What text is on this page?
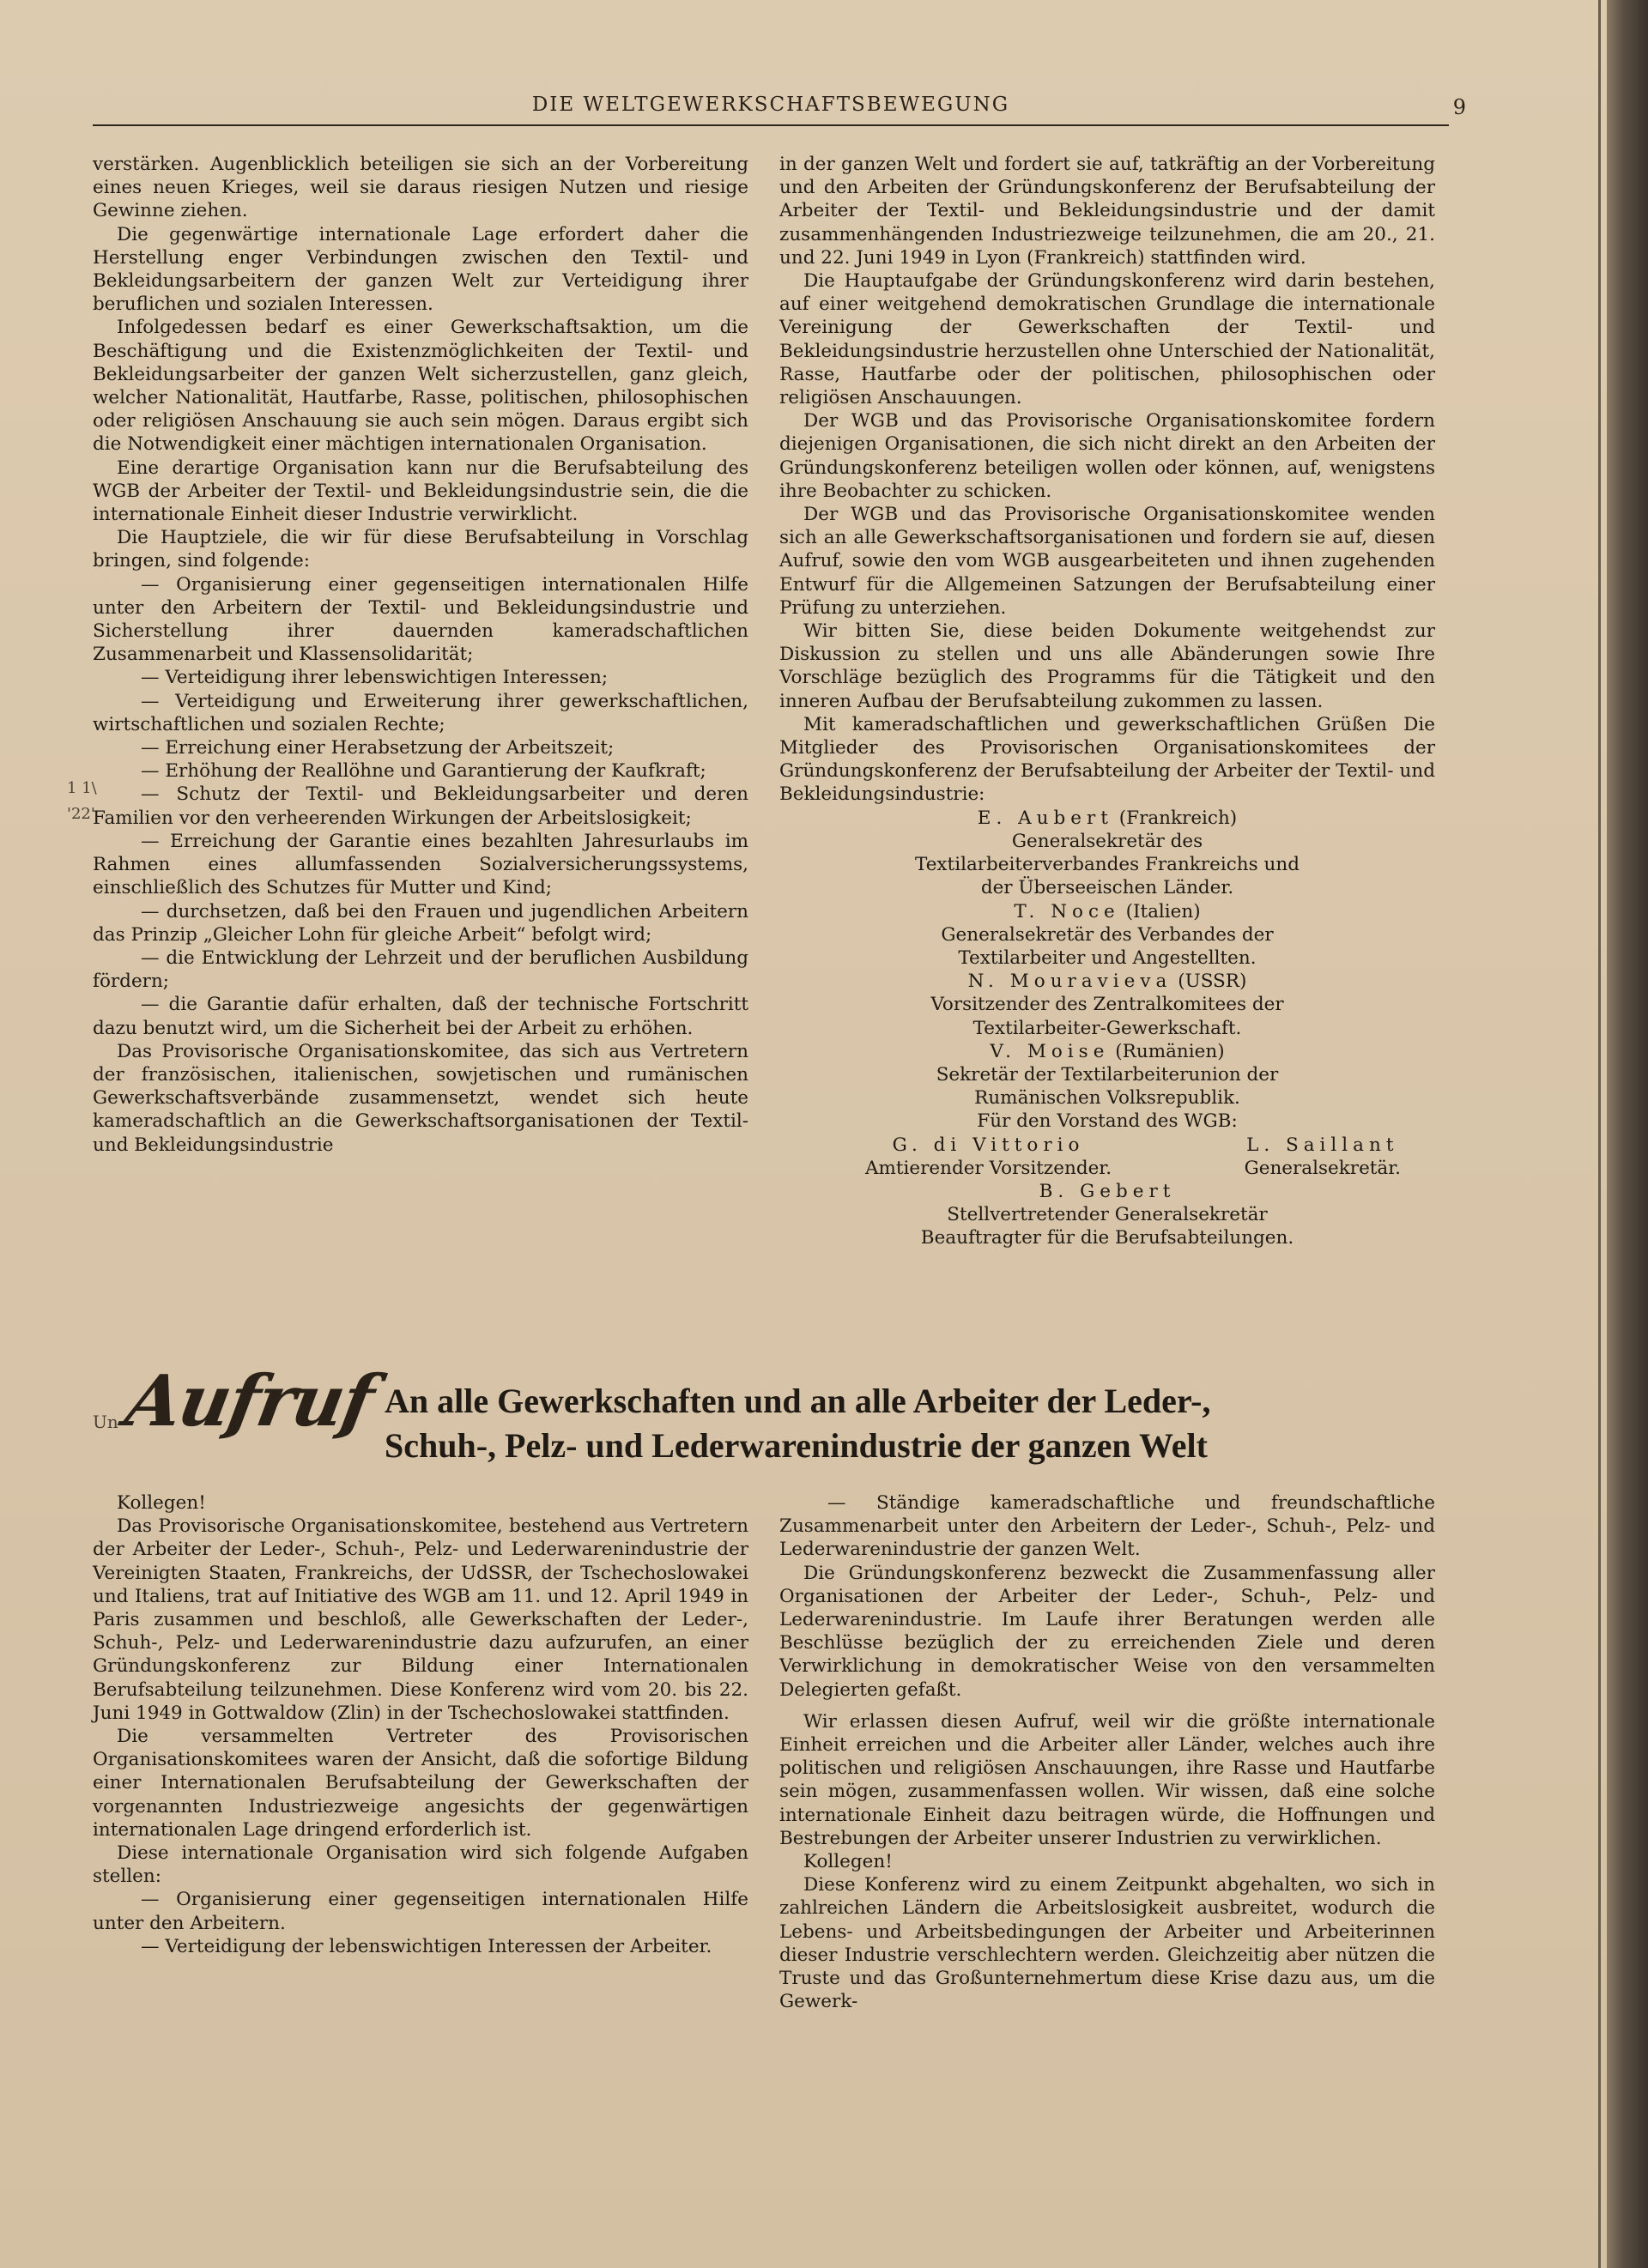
DIE WELTGEWERKSCHAFTSBEWEGUNG	9

verstärken. Augenblicklich beteiligen sie sich an der Vorbereitung eines neuen Krieges, weil sie daraus riesigen Nutzen und riesige Gewinne ziehen.

Die gegenwärtige internationale Lage erfordert daher die Herstellung enger Verbindungen zwischen den Textil- und Bekleidungsarbeitern der ganzen Welt zur Verteidigung ihrer beruflichen und sozialen Interessen.

Infolgedessen bedarf es einer Gewerkschaftsaktion, um die Beschäftigung und die Existenzmöglichkeiten der Textil- und Bekleidungsarbeiter der ganzen Welt sicherzustellen, ganz gleich, welcher Nationalität, Hautfarbe, Rasse, politischen, philosophischen oder religiösen Anschauung sie auch sein mögen. Daraus ergibt sich die Notwendigkeit einer mächtigen internationalen Organisation.

Eine derartige Organisation kann nur die Berufsabteilung des WGB der Arbeiter der Textil- und Bekleidungsindustrie sein, die die internationale Einheit dieser Industrie verwirklicht.

Die Hauptziele, die wir für diese Berufsabteilung in Vorschlag bringen, sind folgende:

— Organisierung einer gegenseitigen internationalen Hilfe unter den Arbeitern der Textil- und Bekleidungsindustrie und Sicherstellung ihrer dauernden kameradschaftlichen Zusammenarbeit und Klassensolidarität;

— Verteidigung ihrer lebenswichtigen Interessen;

— Verteidigung und Erweiterung ihrer gewerkschaftlichen, wirtschaftlichen und sozialen Rechte;

— Erreichung einer Herabsetzung der Arbeitszeit;

— Erhöhung der Reallöhne und Garantierung der Kaufkraft;

— Schutz der Textil- und Bekleidungsarbeiter und deren Familien vor den verheerenden Wirkungen der Arbeitslosigkeit;

— Erreichung der Garantie eines bezahlten Jahresurlaubs im Rahmen eines allumfassenden Sozialversicherungssystems, einschließlich des Schutzes für Mutter und Kind;

— durchsetzen, daß bei den Frauen und jugendlichen Arbeitern das Prinzip „Gleicher Lohn für gleiche Arbeit“ befolgt wird;

— die Entwicklung der Lehrzeit und der beruflichen Ausbildung fördern;

— die Garantie dafür erhalten, daß der technische Fortschritt dazu benutzt wird, um die Sicherheit bei der Arbeit zu erhöhen.

Das Provisorische Organisationskomitee, das sich aus Vertretern der französischen, italienischen, sowjetischen und rumänischen Gewerkschaftsverbände zusammensetzt, wendet sich heute kameradschaftlich an die Gewerkschaftsorganisationen der Textil- und Bekleidungsindustrie

1 1\
'22'

in der ganzen Welt und fordert sie auf, tatkräftig an der Vorbereitung und den Arbeiten der Gründungskonferenz der Berufsabteilung der Arbeiter der Textil- und Bekleidungsindustrie und der damit zusammenhängenden Industriezweige teilzunehmen, die am 20., 21. und 22. Juni 1949 in Lyon (Frankreich) stattfinden wird.

Die Hauptaufgabe der Gründungskonferenz wird darin bestehen, auf einer weitgehend demokratischen Grundlage die internationale Vereinigung der Gewerkschaften der Textil- und Bekleidungsindustrie herzustellen ohne Unterschied der Nationalität, Rasse, Hautfarbe oder der politischen, philosophischen oder religiösen Anschauungen.

Der WGB und das Provisorische Organisationskomitee fordern diejenigen Organisationen, die sich nicht direkt an den Arbeiten der Gründungskonferenz beteiligen wollen oder können, auf, wenigstens ihre Beobachter zu schicken.

Der WGB und das Provisorische Organisationskomitee wenden sich an alle Gewerkschaftsorganisationen und fordern sie auf, diesen Aufruf, sowie den vom WGB ausgearbeiteten und ihnen zugehenden Entwurf für die Allgemeinen Satzungen der Berufsabteilung einer Prüfung zu unterziehen.

Wir bitten Sie, diese beiden Dokumente weitgehendst zur Diskussion zu stellen und uns alle Abänderungen sowie Ihre Vorschläge bezüglich des Programms für die Tätigkeit und den inneren Aufbau der Berufsabteilung zukommen zu lassen.

Mit kameradschaftlichen und gewerkschaftlichen Grüßen Die Mitglieder des Provisorischen Organisationskomitees der Gründungskonferenz der Berufsabteilung der Arbeiter der Textil- und Bekleidungsindustrie:

E. Aubert (Frankreich)

Generalsekretär des Textilarbeiterverbandes Frankreichs und der Überseeischen Länder.

T. Noce (Italien)

Generalsekretär des Verbandes der Textilarbeiter und Angestellten.

N. Mouravieva (USSR)

Vorsitzender des Zentralkomitees der Textilarbeiter-Gewerkschaft.

V. Moise (Rumänien)

Sekretär der Textilarbeiterunion der Rumänischen Volksrepublik.

Für den Vorstand des WGB:

G. di Vittorio
Amtierender Vorsitzender.
L. Saillant
Generalsekretär.

B. Gebert

Stellvertretender Generalsekretär

Beauftragter für die Berufsabteilungen.

Un Aufruf An alle Gewerkschaften und an alle Arbeiter der Leder-,
Schuh-, Pelz- und Lederwarenindustrie der ganzen Welt

Kollegen!

Das Provisorische Organisationskomitee, bestehend aus Vertretern der Arbeiter der Leder-, Schuh-, Pelz- und Lederwarenindustrie der Vereinigten Staaten, Frankreichs, der UdSSR, der Tschechoslowakei und Italiens, trat auf Initiative des WGB am 11. und 12. April 1949 in Paris zusammen und beschloß, alle Gewerkschaften der Leder-, Schuh-, Pelz- und Lederwarenindustrie dazu aufzurufen, an einer Gründungskonferenz zur Bildung einer Internationalen Berufsabteilung teilzunehmen. Diese Konferenz wird vom 20. bis 22. Juni 1949 in Gottwaldow (Zlin) in der Tschechoslowakei stattfinden.

Die versammelten Vertreter des Provisorischen Organisationskomitees waren der Ansicht, daß die sofortige Bildung einer Internationalen Berufsabteilung der Gewerkschaften der vorgenannten Industriezweige angesichts der gegenwärtigen internationalen Lage dringend erforderlich ist.

Diese internationale Organisation wird sich folgende Aufgaben stellen:

— Organisierung einer gegenseitigen internationalen Hilfe unter den Arbeitern.

— Verteidigung der lebenswichtigen Interessen der Arbeiter.

— Ständige kameradschaftliche und freundschaftliche Zusammenarbeit unter den Arbeitern der Leder-, Schuh-, Pelz- und Lederwarenindustrie der ganzen Welt.

Die Gründungskonferenz bezweckt die Zusammenfassung aller Organisationen der Arbeiter der Leder-, Schuh-, Pelz- und Lederwarenindustrie. Im Laufe ihrer Beratungen werden alle Beschlüsse bezüglich der zu erreichenden Ziele und deren Verwirklichung in demokratischer Weise von den versammelten Delegierten gefaßt.

Wir erlassen diesen Aufruf, weil wir die größte internationale Einheit erreichen und die Arbeiter aller Länder, welches auch ihre politischen und religiösen Anschauungen, ihre Rasse und Hautfarbe sein mögen, zusammenfassen wollen. Wir wissen, daß eine solche internationale Einheit dazu beitragen würde, die Hoffnungen und Bestrebungen der Arbeiter unserer Industrien zu verwirklichen.

Kollegen!

Diese Konferenz wird zu einem Zeitpunkt abgehalten, wo sich in zahlreichen Ländern die Arbeitslosigkeit ausbreitet, wodurch die Lebens- und Arbeitsbedingungen der Arbeiter und Arbeiterinnen dieser Industrie verschlechtern werden. Gleichzeitig aber nützen die Truste und das Großunternehmertum diese Krise dazu aus, um die Gewerk-
